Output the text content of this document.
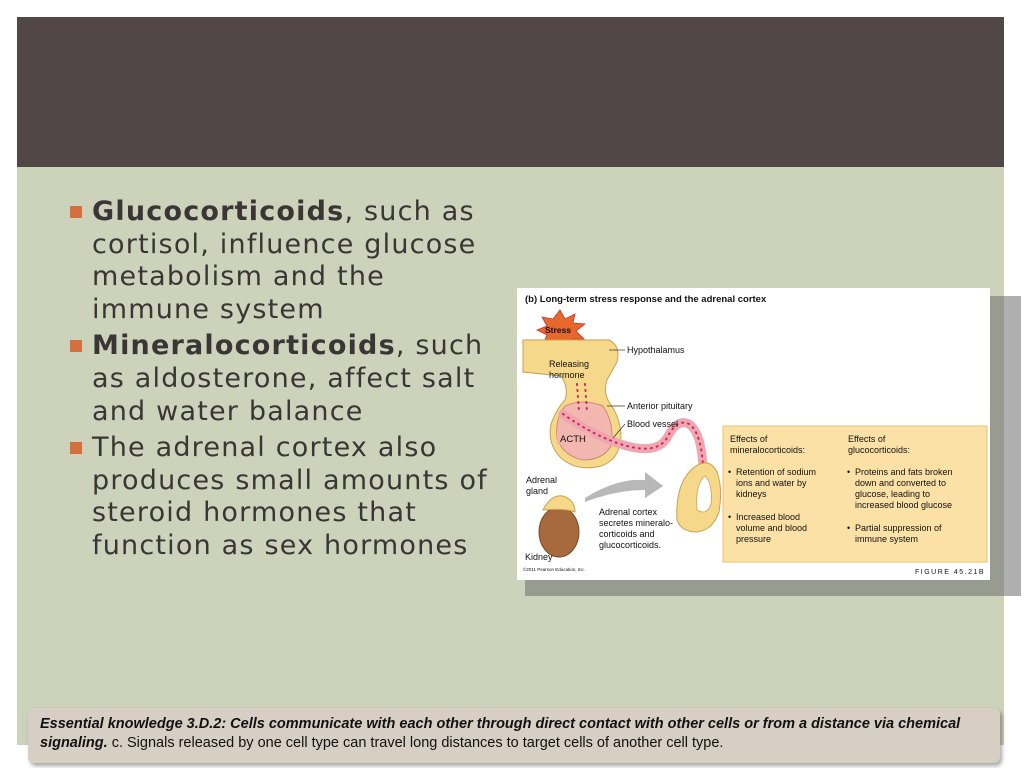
Glucocorticoids, such as cortisol, influence glucose metabolism and the immune system
Mineralocorticoids, such as aldosterone, affect salt and water balance
The adrenal cortex also produces small amounts of steroid hormones that function as sex hormones
(b) Long-term stress response and the adrenal cortex
Stress
Hypothalamus
Releasing
hormone
Anterior pituitary
Blood vessel
ACTH
Adrenal
gland
Kidney
Adrenal cortex
secretes mineralo-
corticoids and
glucocorticoids.
Effects of
mineralocorticoids:
Effects of
glucocorticoids:
• Retention of sodium
ions and water by
kidneys
• Increased blood
volume and blood
pressure
• Proteins and fats broken
down and converted to
glucose, leading to
increased blood glucose
• Partial suppression of
immune system
©2011 Pearson Education, Inc.	FIGURE 45.21B

Essential knowledge 3.D.2: Cells communicate with each other through direct contact with other cells or from a distance via chemical signaling. c. Signals released by one cell type can travel long distances to target cells of another cell type.
